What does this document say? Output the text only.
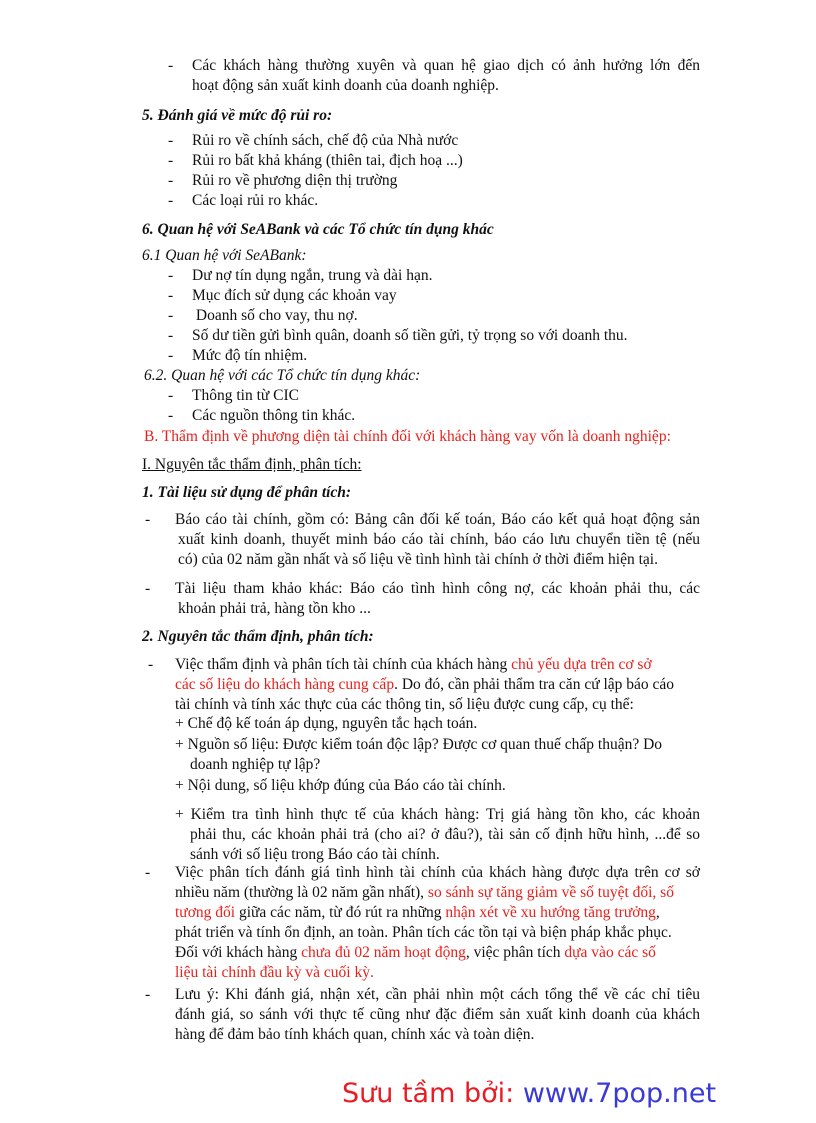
- Các khách hàng thường xuyên và quan hệ giao dịch có ảnh hưởng lớn đến
hoạt động sản xuất kinh doanh của doanh nghiệp.
5. Đánh giá về mức độ rủi ro:
- Rủi ro về chính sách, chế độ của Nhà nước
- Rủi ro bất khả kháng (thiên tai, địch hoạ ...)
- Rủi ro về phương diện thị trường
- Các loại rủi ro khác.
6. Quan hệ với SeABank và các Tổ chức tín dụng khác
6.1 Quan hệ với SeABank:
- Dư nợ tín dụng ngắn, trung và dài hạn.
- Mục đích sử dụng các khoản vay
- Doanh số cho vay, thu nợ.
- Số dư tiền gửi bình quân, doanh số tiền gửi, tỷ trọng so với doanh thu.
- Mức độ tín nhiệm.
6.2. Quan hệ với các Tổ chức tín dụng khác:
- Thông tin từ CIC
- Các nguồn thông tin khác.
B. Thẩm định về phương diện tài chính đối với khách hàng vay vốn là doanh nghiệp:
I. Nguyên tắc thẩm định, phân tích:
1. Tài liệu sử dụng để phân tích:
- Báo cáo tài chính, gồm có: Bảng cân đối kế toán, Báo cáo kết quả hoạt động sản
xuất kinh doanh, thuyết minh báo cáo tài chính, báo cáo lưu chuyển tiền tệ (nếu
có) của 02 năm gần nhất và số liệu về tình hình tài chính ở thời điểm hiện tại.
- Tài liệu tham khảo khác: Báo cáo tình hình công nợ, các khoản phải thu, các
khoản phải trả, hàng tồn kho ...
2. Nguyên tắc thẩm định, phân tích:
- Việc thẩm định và phân tích tài chính của khách hàng chủ yếu dựa trên cơ sở
các số liệu do khách hàng cung cấp. Do đó, cần phải thẩm tra căn cứ lập báo cáo
tài chính và tính xác thực của các thông tin, số liệu được cung cấp, cụ thể:
+ Chế độ kế toán áp dụng, nguyên tắc hạch toán.
+ Nguồn số liệu: Được kiểm toán độc lập? Được cơ quan thuế chấp thuận? Do
doanh nghiệp tự lập?
+ Nội dung, số liệu khớp đúng của Báo cáo tài chính.
+ Kiểm tra tình hình thực tế của khách hàng: Trị giá hàng tồn kho, các khoản
phải thu, các khoản phải trả (cho ai? ở đâu?), tài sản cố định hữu hình, ...để so
sánh với số liệu trong Báo cáo tài chính.
- Việc phân tích đánh giá tình hình tài chính của khách hàng được dựa trên cơ sở
nhiều năm (thường là 02 năm gần nhất), so sánh sự tăng giảm về số tuyệt đối, số
tương đối giữa các năm, từ đó rút ra những nhận xét về xu hướng tăng trưởng,
phát triển và tính ổn định, an toàn. Phân tích các tồn tại và biện pháp khắc phục.
Đối với khách hàng chưa đủ 02 năm hoạt động, việc phân tích dựa vào các số
liệu tài chính đầu kỳ và cuối kỳ.
- Lưu ý: Khi đánh giá, nhận xét, cần phải nhìn một cách tổng thể về các chỉ tiêu
đánh giá, so sánh với thực tế cũng như đặc điểm sản xuất kinh doanh của khách
hàng để đảm bảo tính khách quan, chính xác và toàn diện.
Sưu tầm bởi: www.7pop.net
